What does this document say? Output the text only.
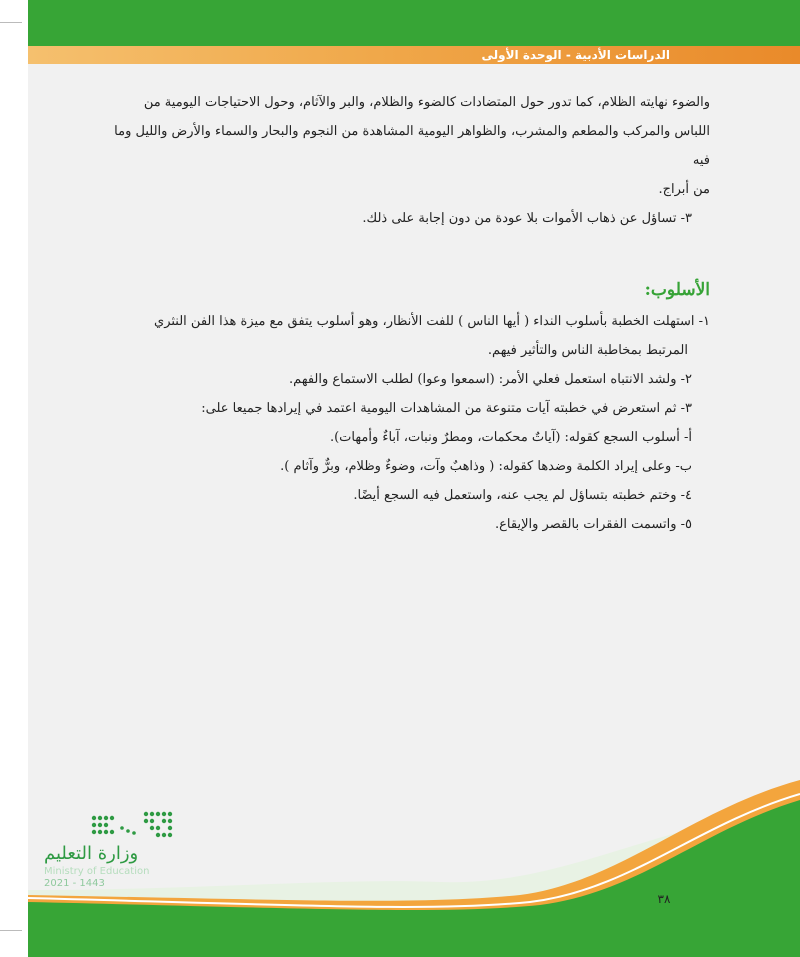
الدراسات الأدبية - الوحدة الأولى

والضوء نهايته الظلام، كما تدور حول المتضادات كالضوء والظلام، والبر والآثام، وحول الاحتياجات اليومية من

اللباس والمركب والمطعم والمشرب، والظواهر اليومية المشاهدة من النجوم والبحار والسماء والأرض والليل وما فيه

من أبراج.

٣- تساؤل عن ذهاب الأموات بلا عودة من دون إجابة على ذلك.

الأسلوب:

١- استهلت الخطبة بأسلوب النداء ( أيها الناس ) للفت الأنظار، وهو أسلوب يتفق مع ميزة هذا الفن النثري

المرتبط بمخاطبة الناس والتأثير فيهم.

٢- ولشد الانتباه استعمل فعلي الأمر: (اسمعوا وعوا) لطلب الاستماع والفهم.

٣- ثم استعرض في خطبته آيات متنوعة من المشاهدات اليومية اعتمد في إيرادها جميعا على:

أ- أسلوب السجع كقوله: (آياتٌ محكمات، ومطرٌ ونبات، آباءٌ وأمهات).

ب- وعلى إيراد الكلمة وضدها كقوله: ( وذاهبٌ وآت، وضوءٌ وظلام، وبرٌّ وآثام ).

٤- وختم خطبته بتساؤل لم يجب عنه، واستعمل فيه السجع أيضًا.

٥- واتسمت الفقرات بالقصر والإيقاع.

٣٨
وزارة التعليم
Ministry of Education
2021 - 1443
